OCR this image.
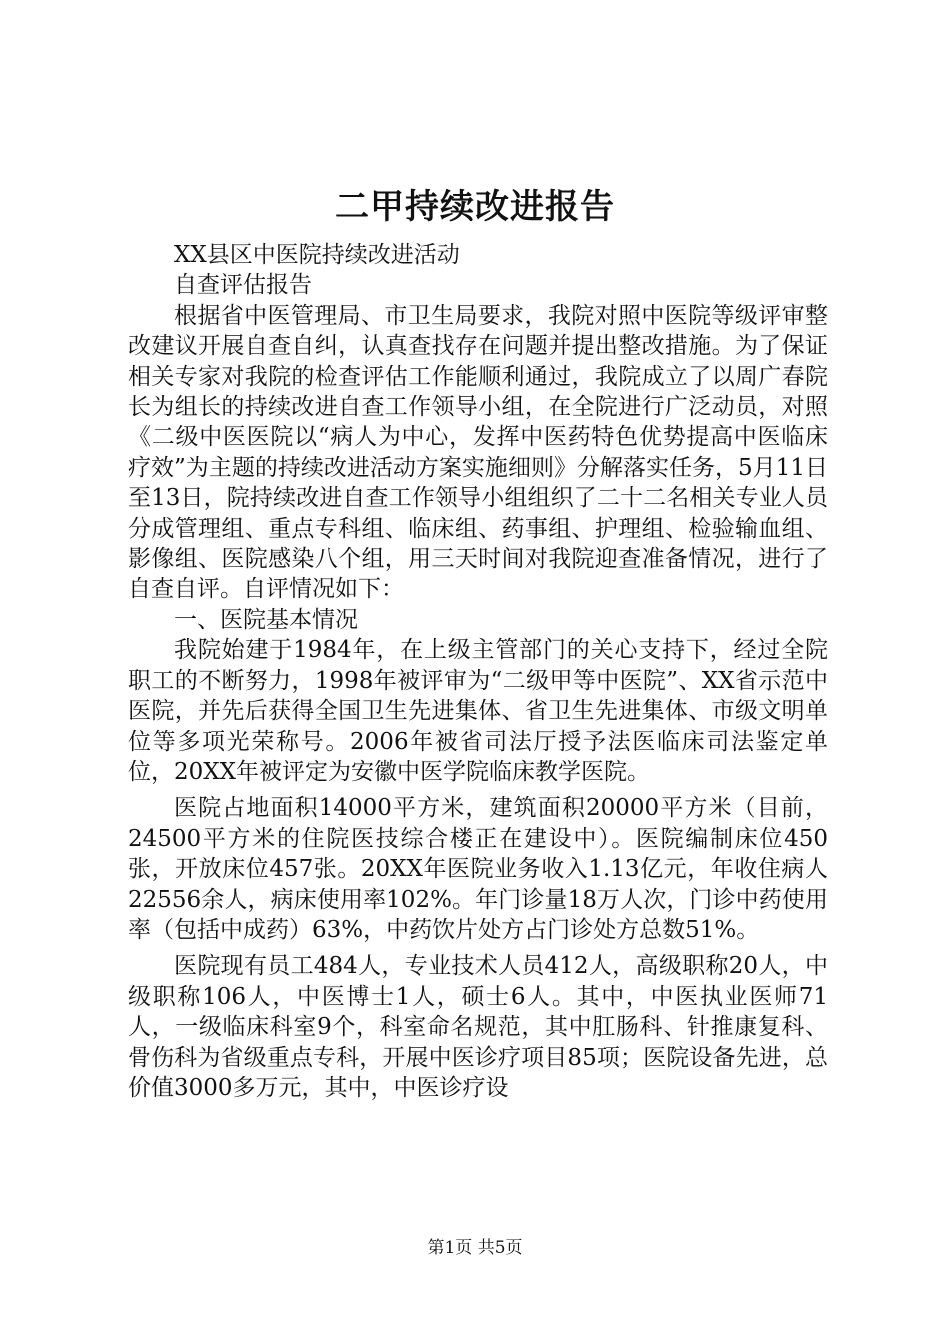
二甲持续改进报告

XX县区中医院持续改进活动

自查评估报告

根据省中医管理局、市卫生局要求，我院对照中医院等级评审整改建议开展自查自纠，认真查找存在问题并提出整改措施。为了保证相关专家对我院的检查评估工作能顺利通过，我院成立了以周广春院长为组长的持续改进自查工作领导小组，在全院进行广泛动员，对照《二级中医医院以“病人为中心，发挥中医药特色优势提高中医临床疗效”为主题的持续改进活动方案实施细则》分解落实任务，5月11日至13日，院持续改进自查工作领导小组组织了二十二名相关专业人员分成管理组、重点专科组、临床组、药事组、护理组、检验输血组、影像组、医院感染八个组，用三天时间对我院迎查准备情况，进行了自查自评。自评情况如下：

一、医院基本情况

我院始建于1984年，在上级主管部门的关心支持下，经过全院职工的不断努力，1998年被评审为“二级甲等中医院”、XX省示范中医院，并先后获得全国卫生先进集体、省卫生先进集体、市级文明单位等多项光荣称号。2006年被省司法厅授予法医临床司法鉴定单位，20XX年被评定为安徽中医学院临床教学医院。

医院占地面积14000平方米，建筑面积20000平方米（目前，24500平方米的住院医技综合楼正在建设中）。医院编制床位450张，开放床位457张。20XX年医院业务收入1.13亿元，年收住病人22556余人，病床使用率102%。年门诊量18万人次，门诊中药使用率（包括中成药）63%，中药饮片处方占门诊处方总数51%。

医院现有员工484人，专业技术人员412人，高级职称20人，中级职称106人，中医博士1人，硕士6人。其中，中医执业医师71人，一级临床科室9个，科室命名规范，其中肛肠科、针推康复科、骨伤科为省级重点专科，开展中医诊疗项目85项；医院设备先进，总价值3000多万元，其中，中医诊疗设

第1页 共5页
